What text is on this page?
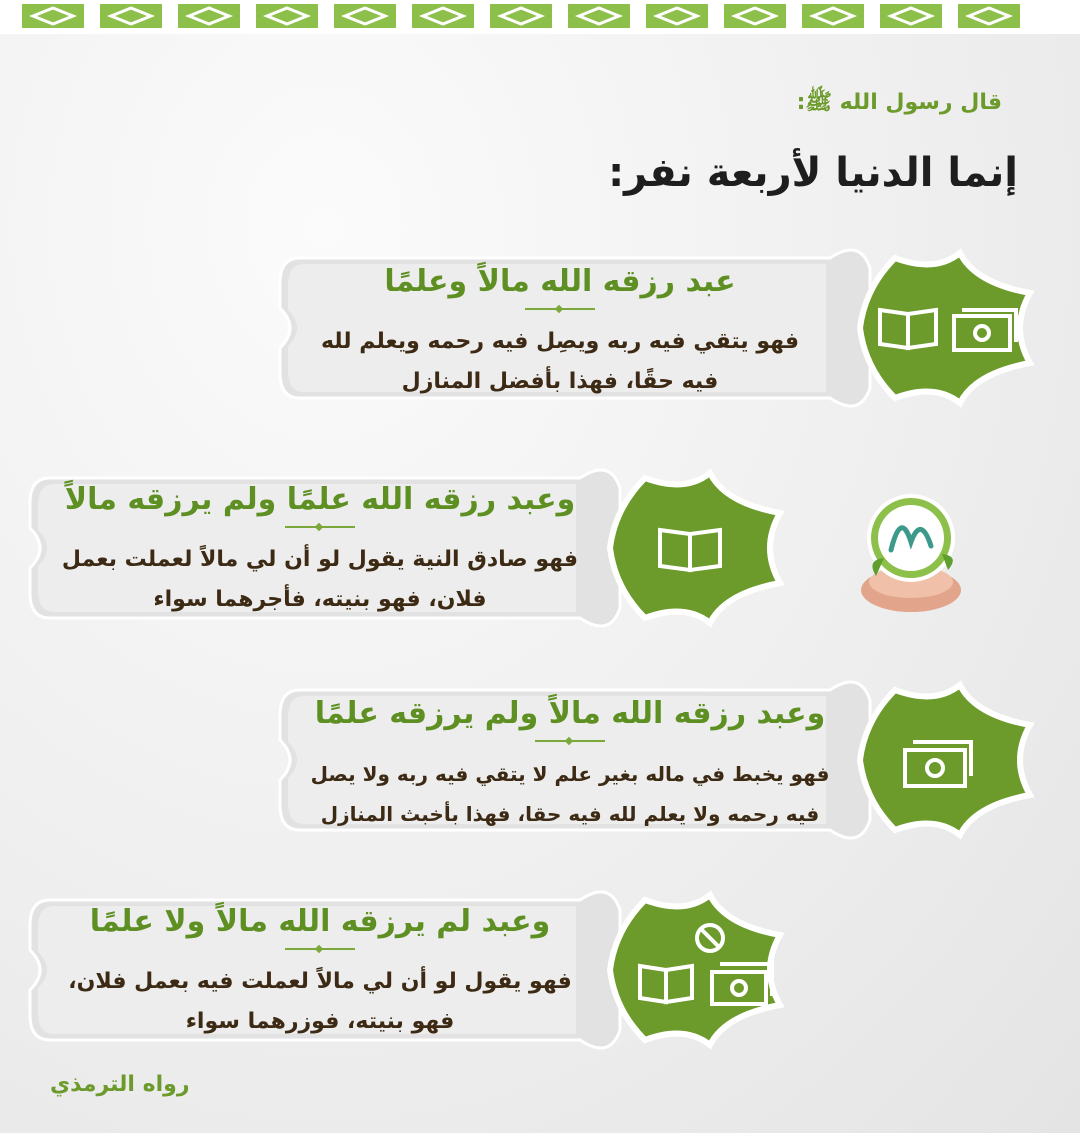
قال رسول الله ﷺ:
إنما الدنيا لأربعة نفر:
عبد رزقه الله مالاً وعلمًا
فهو يتقي فيه ربه ويصِل فيه رحمه ويعلم لله
فيه حقًا، فهذا بأفضل المنازل
وعبد رزقه الله علمًا ولم يرزقه مالاً
فهو صادق النية يقول لو أن لي مالاً لعملت بعمل
فلان، فهو بنيته، فأجرهما سواء
وعبد رزقه الله مالاً ولم يرزقه علمًا
فهو يخبط في ماله بغير علم لا يتقي فيه ربه ولا يصل
فيه رحمه ولا يعلم لله فيه حقا، فهذا بأخبث المنازل
وعبد لم يرزقه الله مالاً ولا علمًا
فهو يقول لو أن لي مالاً لعملت فيه بعمل فلان،
فهو بنيته، فوزرهما سواء
رواه الترمذي
